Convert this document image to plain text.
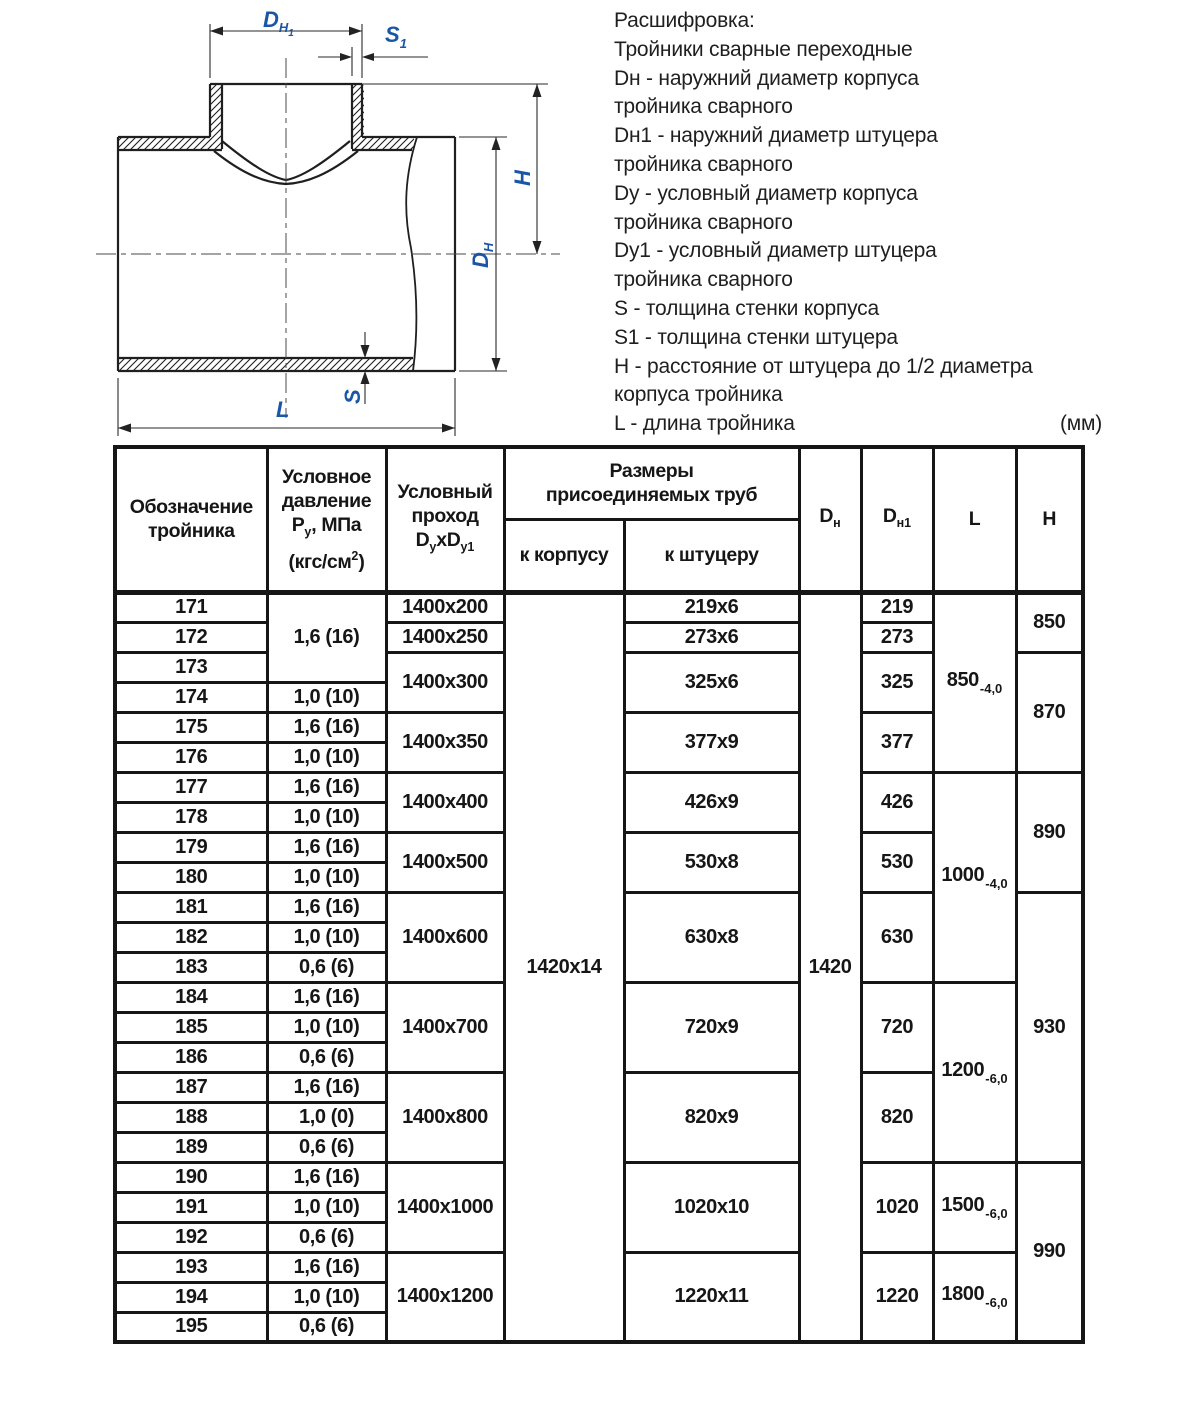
$D_H1$	$S_1$
H
$D_H$
S
L
Расшифровка:
Тройники сварные переходные
Dн - наружний диаметр корпуса
тройника сварного
Dн1 - наружний диаметр штуцера
тройника сварного
Dy - условный диаметр корпуса
тройника сварного
Dy1 - условный диаметр штуцера
тройника сварного
S - толщина стенки корпуса
S1 - толщина стенки штуцера
H - расстояние от штуцера до 1/2 диаметра
корпуса тройника
L - длина тройника	(мм)
Обозначение
тройника

Условное
давление
$P_у$, МПа
$(кгс/см^2)$

Условный
проход
$D_yxD_{y1}$

Размеры
присоединяемых труб
	$D_н$	$D_{н1}$	L	H
			к корпусу	к штуцеру				
171	1,6 (16)	1400x200	1420x14	219x6	1420	219	$850_{-4,0}$	850
172		1400x250		273x6		273		
173		1400x300		325x6		325		870
174	1,0 (10)							
175	1,6 (16)	1400x350		377x9		377		
176	1,0 (10)							
177	1,6 (16)	1400x400		426x9		426	$1000_{-4,0}$	890
178	1,0 (10)							
179	1,6 (16)	1400x500		530x8		530		
180	1,0 (10)							
181	1,6 (16)	1400x600		630x8		630		930
182	1,0 (10)							
183	0,6 (6)							
184	1,6 (16)	1400x700		720x9		720	$1200_{-6,0}$
185	1,0 (10)							
186	0,6 (6)							
187	1,6 (16)	1400x800		820x9		820		
188	1,0 (0)							
189	0,6 (6)							
190	1,6 (16)	1400x1000		1020x10		1020	$1500_{-6,0}$	990
191	1,0 (10)							
192	0,6 (6)							
193	1,6 (16)	1400x1200		1220x11		1220	$1800_{-6,0}$
194	1,0 (10)							
195	0,6 (6)							
